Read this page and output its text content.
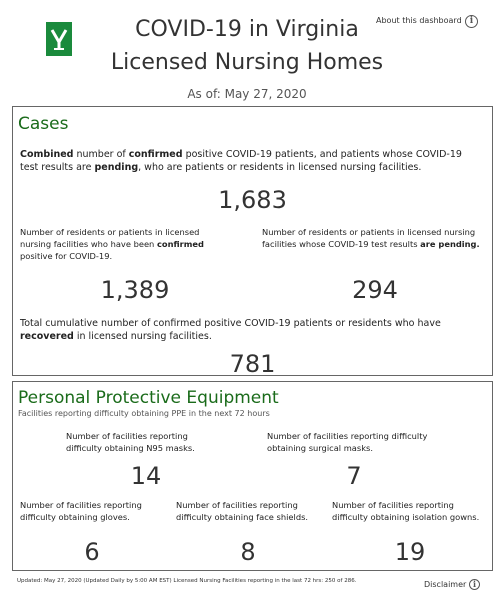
COVID-19 in Virginia
Licensed Nursing Homes
As of: May 27, 2020
About this dashboard i
Cases
Combined number of confirmed positive COVID-19 patients, and patients whose COVID-19 test results are pending, who are patients or residents in licensed nursing facilities.
1,683
Number of residents or patients in licensed nursing facilities who have been confirmed positive for COVID-19.
1,389
Number of residents or patients in licensed nursing facilities whose COVID-19 test results are pending.
294
Total cumulative number of confirmed positive COVID-19 patients or residents who have recovered in licensed nursing facilities.
781
Personal Protective Equipment
Facilities reporting difficulty obtaining PPE in the next 72 hours
Number of facilities reporting difficulty obtaining N95 masks.
14
Number of facilities reporting difficulty obtaining surgical masks.
7
Number of facilities reporting difficulty obtaining gloves.
6
Number of facilities reporting difficulty obtaining face shields.
8
Number of facilities reporting difficulty obtaining isolation gowns.
19
Updated: May 27, 2020 (Updated Daily by 5:00 AM EST) Licensed Nursing Facilities reporting in the last 72 hrs: 250 of 286.	Disclaimer i
